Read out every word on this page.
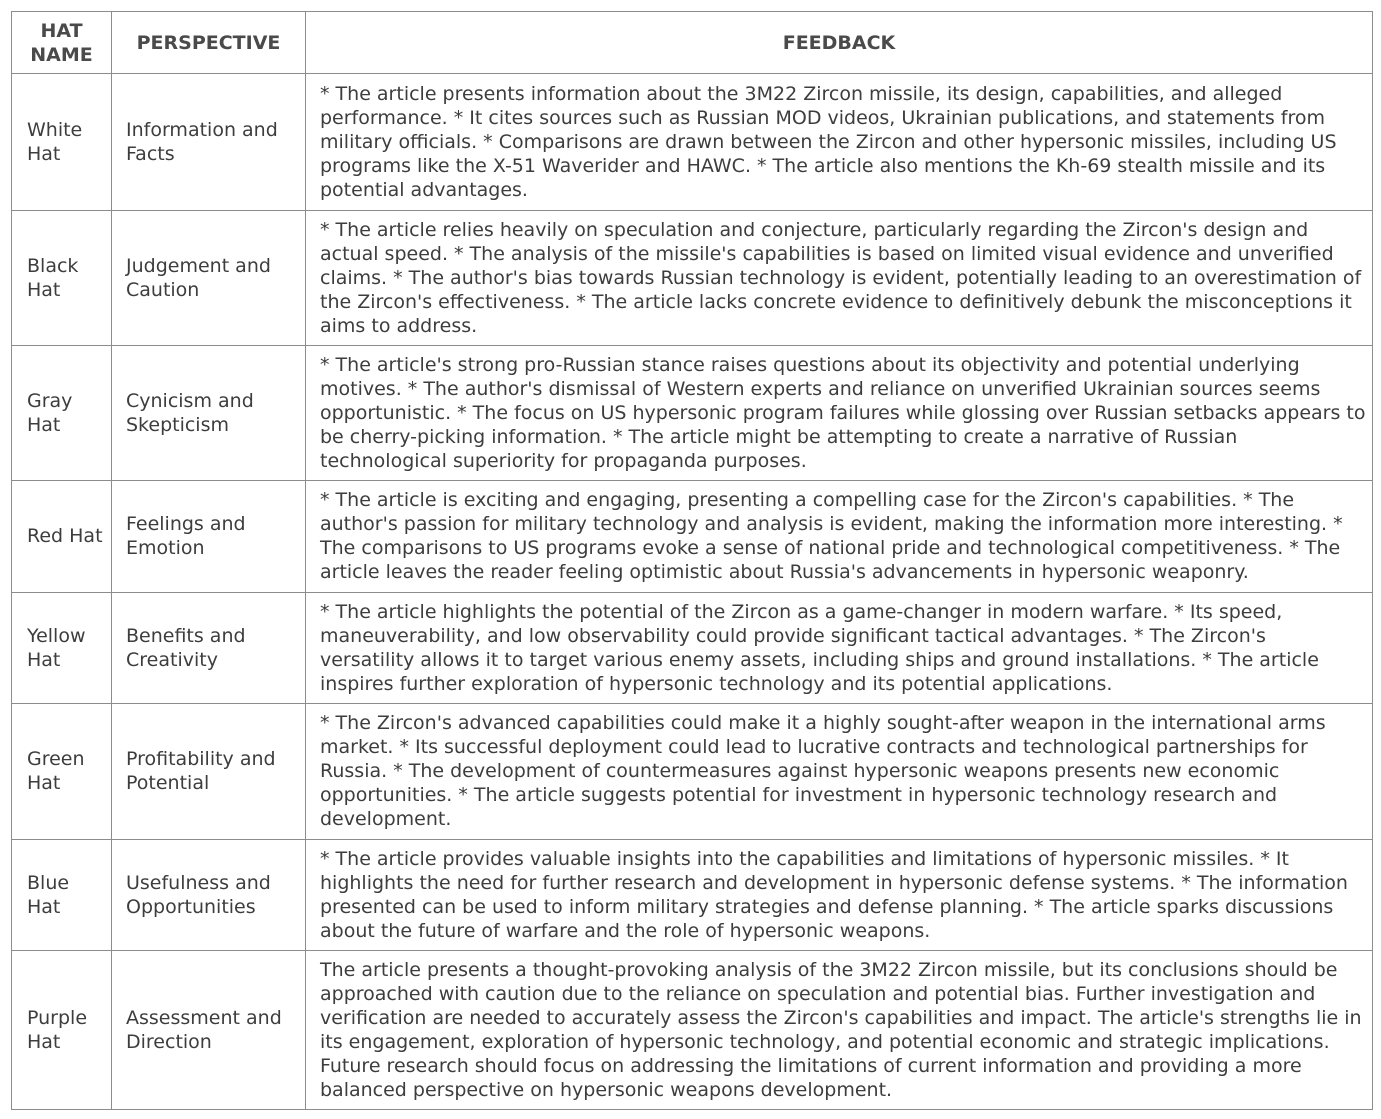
HAT NAME	PERSPECTIVE	FEEDBACK
White Hat	Information and Facts	* The article presents information about the 3M22 Zircon missile, its design, capabilities, and alleged performance. * It cites sources such as Russian MOD videos, Ukrainian publications, and statements from military officials. * Comparisons are drawn between the Zircon and other hypersonic missiles, including US programs like the X-51 Waverider and HAWC. * The article also mentions the Kh-69 stealth missile and its potential advantages.
Black Hat	Judgement and Caution	* The article relies heavily on speculation and conjecture, particularly regarding the Zircon's design and actual speed. * The analysis of the missile's capabilities is based on limited visual evidence and unverified claims. * The author's bias towards Russian technology is evident, potentially leading to an overestimation of the Zircon's effectiveness. * The article lacks concrete evidence to definitively debunk the misconceptions it aims to address.
Gray Hat	Cynicism and Skepticism	* The article's strong pro-Russian stance raises questions about its objectivity and potential underlying motives. * The author's dismissal of Western experts and reliance on unverified Ukrainian sources seems opportunistic. * The focus on US hypersonic program failures while glossing over Russian setbacks appears to be cherry-picking information. * The article might be attempting to create a narrative of Russian technological superiority for propaganda purposes.
Red Hat	Feelings and Emotion	* The article is exciting and engaging, presenting a compelling case for the Zircon's capabilities. * The author's passion for military technology and analysis is evident, making the information more interesting. * The comparisons to US programs evoke a sense of national pride and technological competitiveness. * The article leaves the reader feeling optimistic about Russia's advancements in hypersonic weaponry.
Yellow Hat	Benefits and Creativity	* The article highlights the potential of the Zircon as a game-changer in modern warfare. * Its speed, maneuverability, and low observability could provide significant tactical advantages. * The Zircon's versatility allows it to target various enemy assets, including ships and ground installations. * The article inspires further exploration of hypersonic technology and its potential applications.
Green Hat	Profitability and Potential	* The Zircon's advanced capabilities could make it a highly sought-after weapon in the international arms market. * Its successful deployment could lead to lucrative contracts and technological partnerships for Russia. * The development of countermeasures against hypersonic weapons presents new economic opportunities. * The article suggests potential for investment in hypersonic technology research and development.
Blue Hat	Usefulness and Opportunities	* The article provides valuable insights into the capabilities and limitations of hypersonic missiles. * It highlights the need for further research and development in hypersonic defense systems. * The information presented can be used to inform military strategies and defense planning. * The article sparks discussions about the future of warfare and the role of hypersonic weapons.
Purple Hat	Assessment and Direction	The article presents a thought-provoking analysis of the 3M22 Zircon missile, but its conclusions should be approached with caution due to the reliance on speculation and potential bias. Further investigation and verification are needed to accurately assess the Zircon's capabilities and impact. The article's strengths lie in its engagement, exploration of hypersonic technology, and potential economic and strategic implications. Future research should focus on addressing the limitations of current information and providing a more balanced perspective on hypersonic weapons development.
